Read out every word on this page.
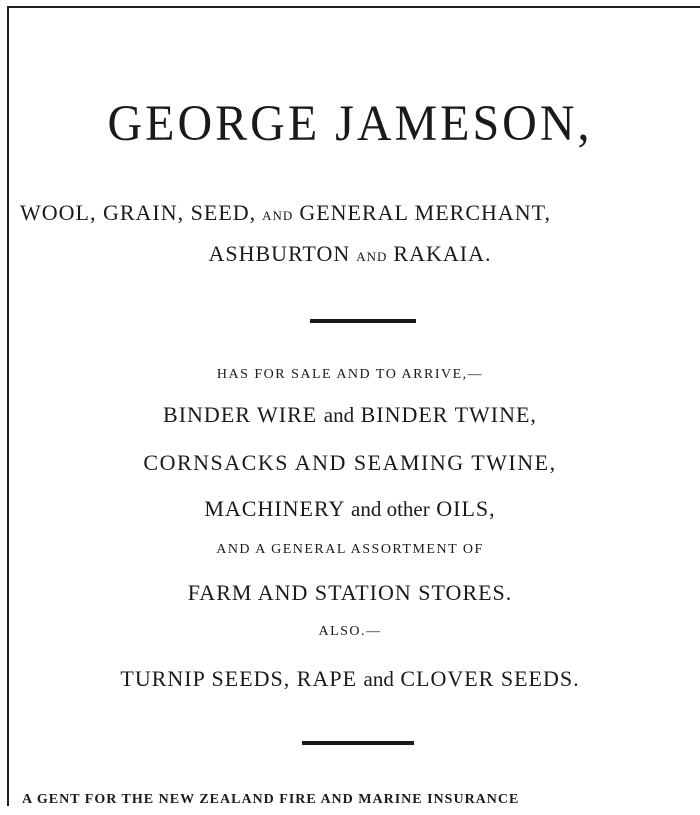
GEORGE JAMESON,
WOOL, GRAIN, SEED, AND GENERAL MERCHANT,
ASHBURTON AND RAKAIA.
HAS FOR SALE AND TO ARRIVE,—
BINDER WIRE and BINDER TWINE,
CORNSACKS AND SEAMING TWINE,
MACHINERY and other OILS,
AND A GENERAL ASSORTMENT OF
FARM AND STATION STORES.
ALSO.—
TURNIP SEEDS, RAPE and CLOVER SEEDS.
A GENT FOR THE NEW ZEALAND FIRE AND MARINE INSURANCE
